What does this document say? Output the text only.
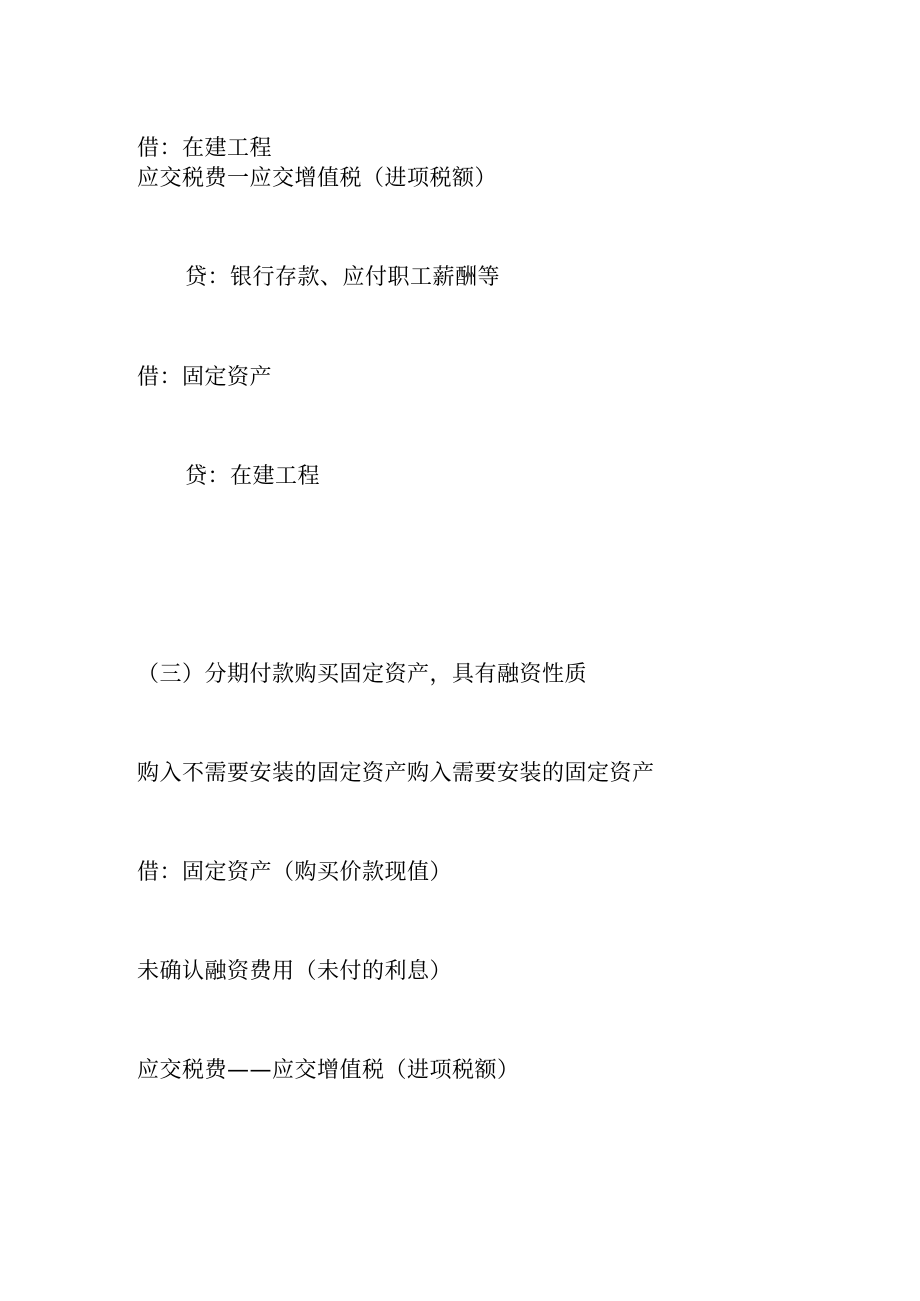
借：在建工程
应交税费一应交增值税（进项税额）
贷：银行存款、应付职工薪酬等
借：固定资产
贷：在建工程
（三）分期付款购买固定资产，具有融资性质
购入不需要安装的固定资产购入需要安装的固定资产
借：固定资产（购买价款现值）
未确认融资费用（未付的利息）
应交税费——应交增值税（进项税额）
